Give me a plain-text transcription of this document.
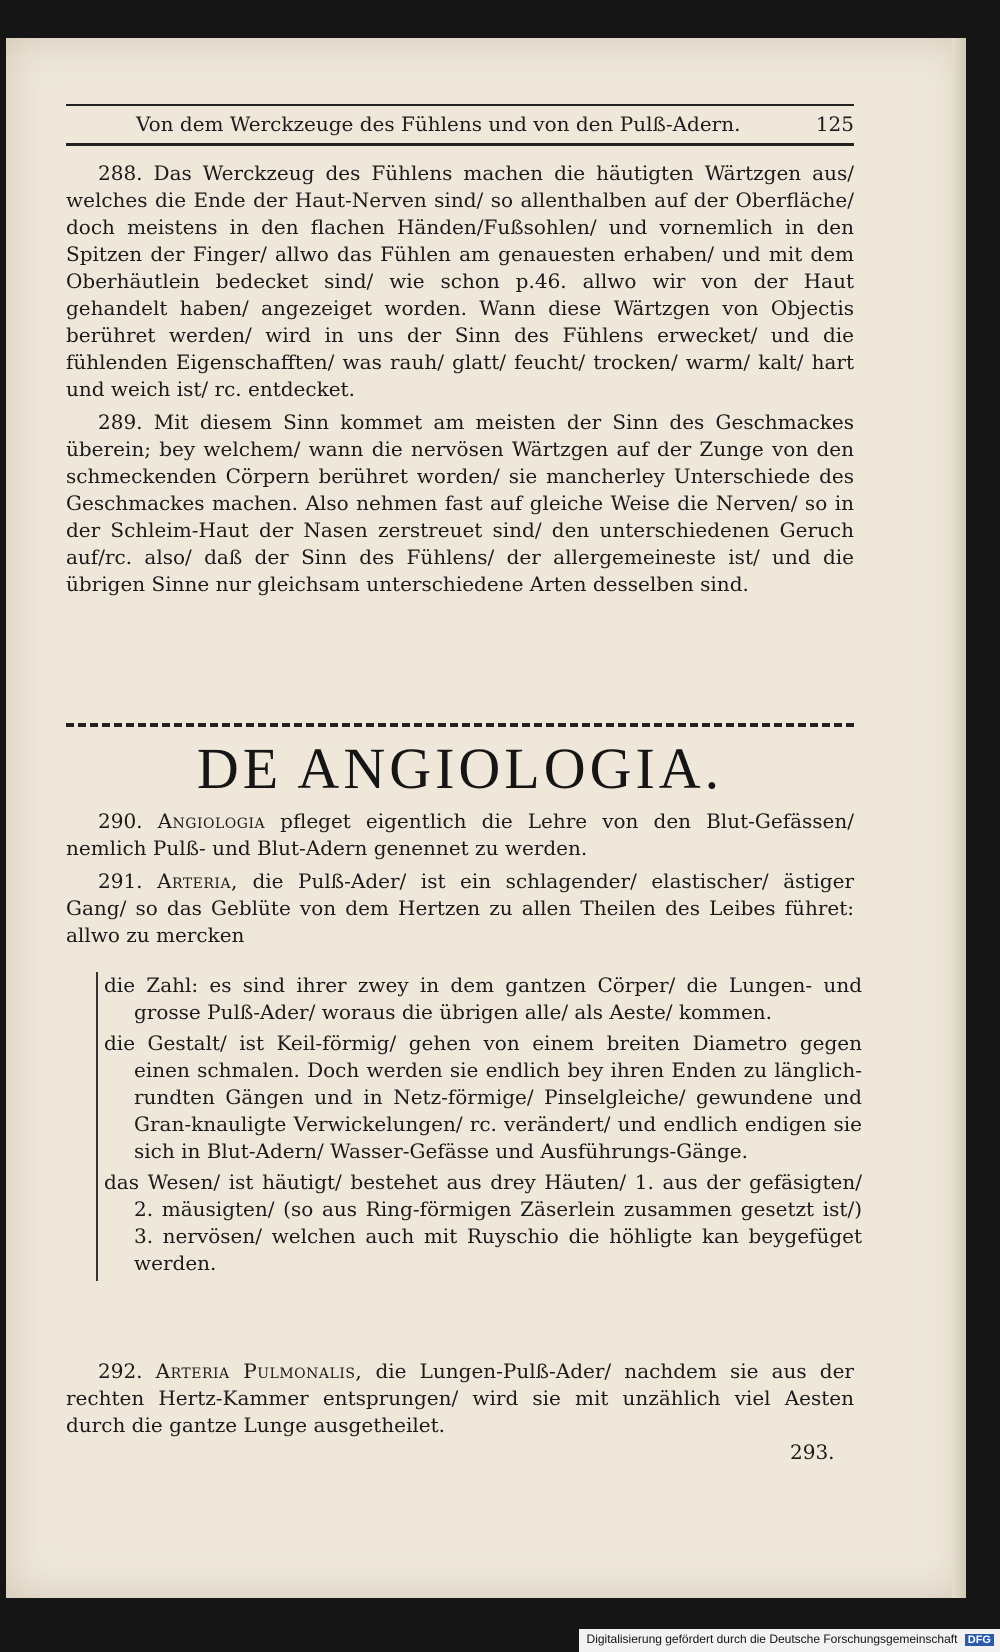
Von dem Werckzeuge des Fühlens und von den Pulß-Adern.	125

288. Das Werckzeug des Fühlens machen die häutigten Wärtzgen aus/ welches die Ende der Haut-Nerven sind/ so allenthalben auf der Oberfläche/ doch meistens in den flachen Händen/Fußsohlen/ und vornemlich in den Spitzen der Finger/ allwo das Fühlen am genauesten erhaben/ und mit dem Oberhäutlein bedecket sind/ wie schon p.46. allwo wir von der Haut gehandelt haben/ angezeiget worden. Wann diese Wärtzgen von Objectis berühret werden/ wird in uns der Sinn des Fühlens erwecket/ und die fühlenden Eigenschafften/ was rauh/ glatt/ feucht/ trocken/ warm/ kalt/ hart und weich ist/ rc. entdecket.

289. Mit diesem Sinn kommet am meisten der Sinn des Geschmackes überein; bey welchem/ wann die nervösen Wärtzgen auf der Zunge von den schmeckenden Cörpern berühret worden/ sie mancherley Unterschiede des Geschmackes machen. Also nehmen fast auf gleiche Weise die Nerven/ so in der Schleim-Haut der Nasen zerstreuet sind/ den unterschiedenen Geruch auf/rc. also/ daß der Sinn des Fühlens/ der allergemeineste ist/ und die übrigen Sinne nur gleichsam unterschiedene Arten desselben sind.

DE ANGIOLOGIA.

290. Angiologia pfleget eigentlich die Lehre von den Blut-Gefässen/ nemlich Pulß- und Blut-Adern genennet zu werden.

291. Arteria, die Pulß-Ader/ ist ein schlagender/ elastischer/ ästiger Gang/ so das Geblüte von dem Hertzen zu allen Theilen des Leibes führet: allwo zu mercken

die Zahl: es sind ihrer zwey in dem gantzen Cörper/ die Lungen- und grosse Pulß-Ader/ woraus die übrigen alle/ als Aeste/ kommen.

die Gestalt/ ist Keil-förmig/ gehen von einem breiten Diametro gegen einen schmalen. Doch werden sie endlich bey ihren Enden zu länglich-rundten Gängen und in Netz-förmige/ Pinselgleiche/ gewundene und Gran-knauligte Verwickelungen/ rc. verändert/ und endlich endigen sie sich in Blut-Adern/ Wasser-Gefässe und Ausführungs-Gänge.

das Wesen/ ist häutigt/ bestehet aus drey Häuten/ 1. aus der gefäsigten/ 2. mäusigten/ (so aus Ring-förmigen Zäserlein zusammen gesetzt ist/) 3. nervösen/ welchen auch mit Ruyschio die höhligte kan beygefüget werden.

292. Arteria Pulmonalis, die Lungen-Pulß-Ader/ nachdem sie aus der rechten Hertz-Kammer entsprungen/ wird sie mit unzählich viel Aesten durch die gantze Lunge ausgetheilet.

293.
Digitalisierung gefördert durch die Deutsche Forschungsgemeinschaft DFG
